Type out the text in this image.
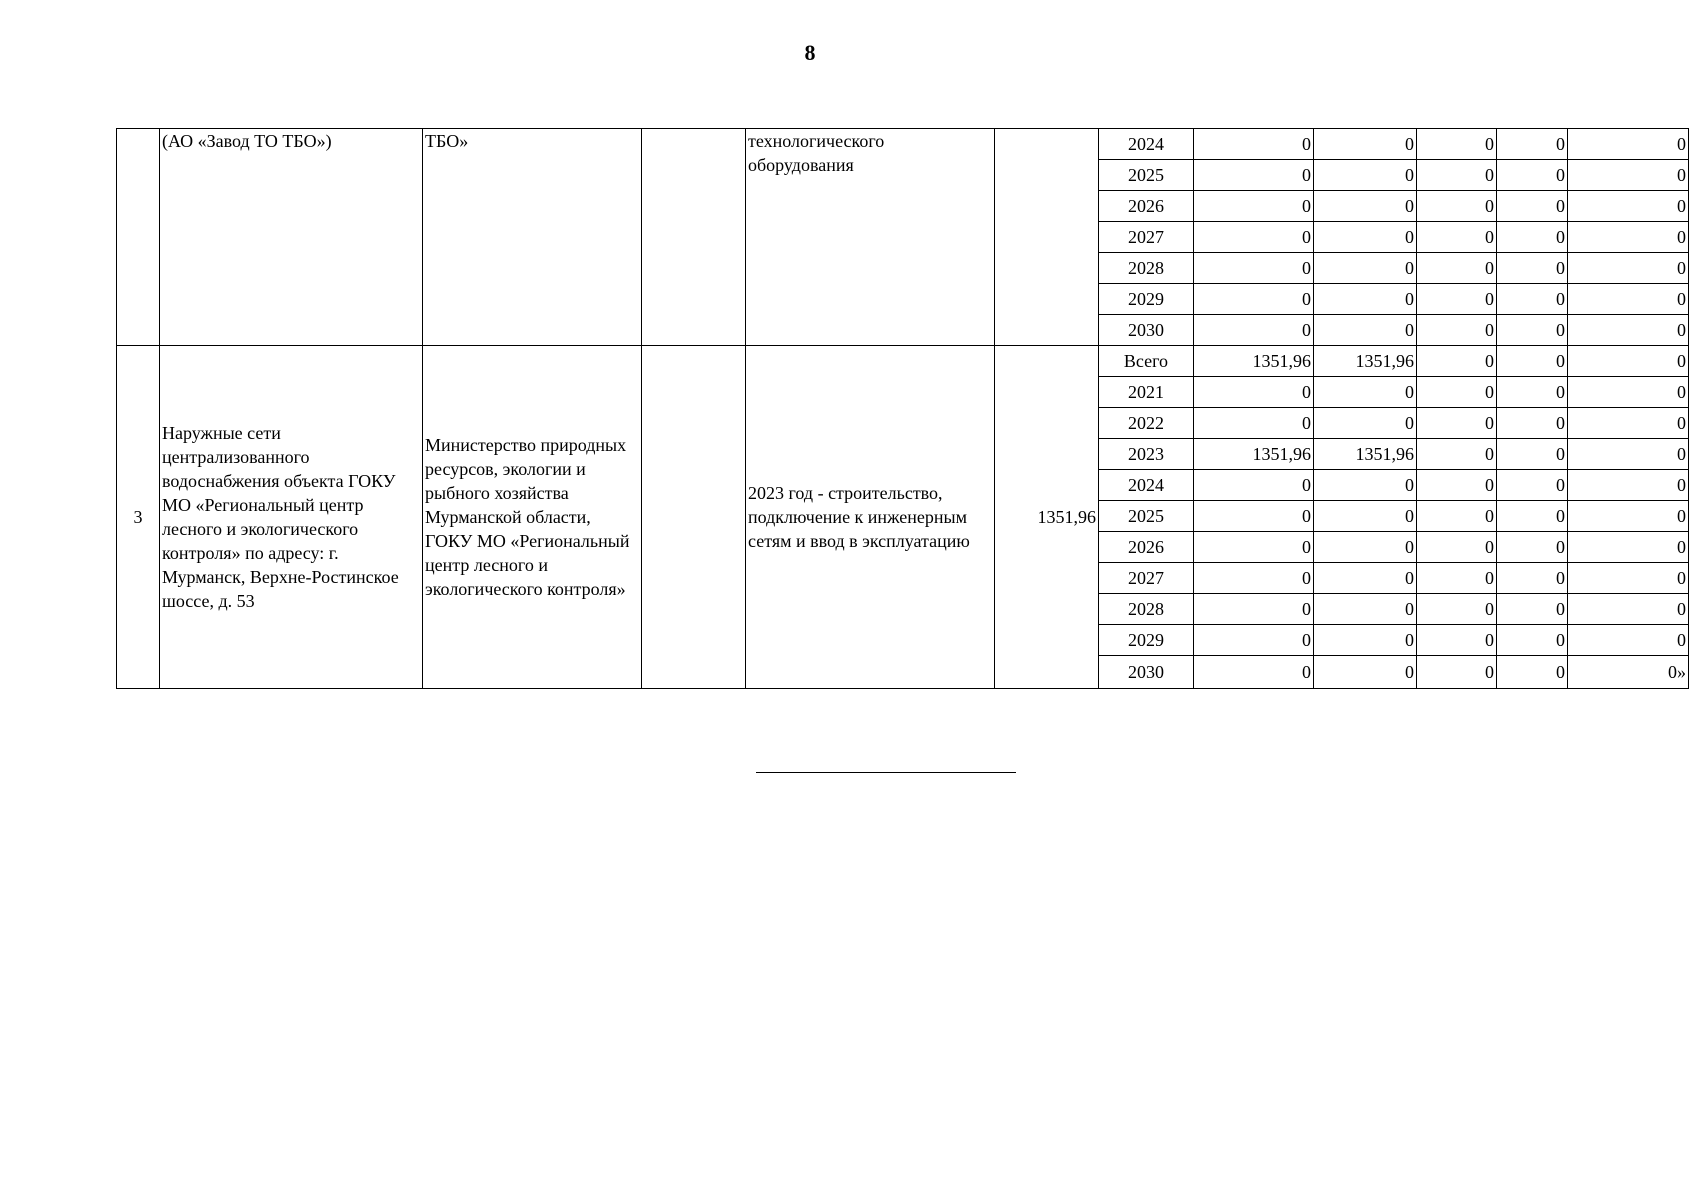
8
	(АО «Завод ТО ТБО»)	ТБО»		технологического оборудования		2024	0	0	0	0	0
						2025	0	0	0	0	0
						2026	0	0	0	0	0
						2027	0	0	0	0	0
						2028	0	0	0	0	0
						2029	0	0	0	0	0
						2030	0	0	0	0	0
3	Наружные сети централизованного водоснабжения объекта ГОКУ МО «Региональный центр лесного и экологического контроля» по адресу: г. Мурманск, Верхне-Ростинское шоссе, д. 53	Министерство природных ресурсов, экологии и рыбного хозяйства Мурманской области, ГОКУ МО «Региональный центр лесного и экологического контроля»		2023 год - строительство, подключение к инженерным сетям и ввод в эксплуатацию	1351,96	Всего	1351,96	1351,96	0	0	0
						2021	0	0	0	0	0
						2022	0	0	0	0	0
						2023	1351,96	1351,96	0	0	0
						2024	0	0	0	0	0
						2025	0	0	0	0	0
						2026	0	0	0	0	0
						2027	0	0	0	0	0
						2028	0	0	0	0	0
						2029	0	0	0	0	0
						2030	0	0	0	0	0»
